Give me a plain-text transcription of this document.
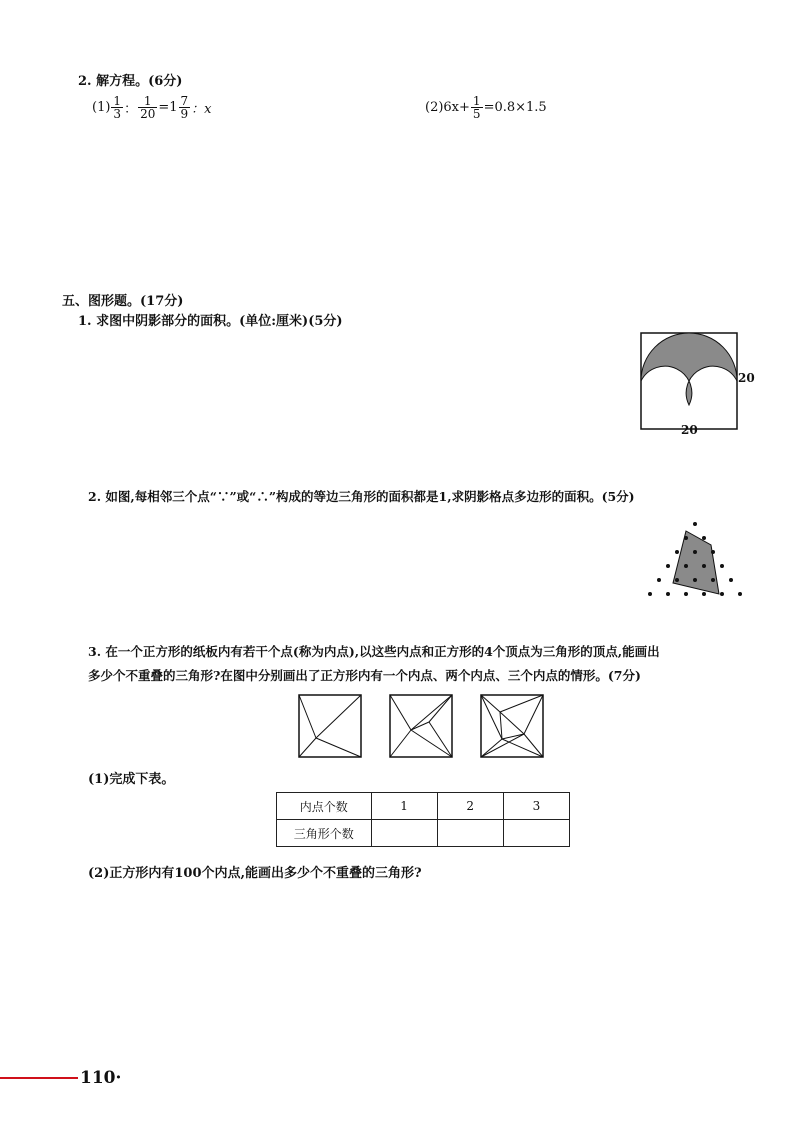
2. 解方程。(6分)
$(1) \frac{1}{3}$ ： $\frac{1}{20} =1 \frac{7}{9}$ ：x	$(2)6x+ \frac{1}{5} =0.8\times 1.5$
五、图形题。(17分)
1. 求图中阴影部分的面积。(单位:厘米)(5分)
20
20
2. 如图,每相邻三个点“∵”或“∴”构成的等边三角形的面积都是1,求阴影格点多边形的面积。(5分)
3. 在一个正方形的纸板内有若干个点(称为内点),以这些内点和正方形的4个顶点为三角形的顶点,能画出
多少个不重叠的三角形?在图中分别画出了正方形内有一个内点、两个内点、三个内点的情形。(7分)
(1)完成下表。
内点个数	1	2	3
三角形个数			
(2)正方形内有100个内点,能画出多少个不重叠的三角形?
110·
